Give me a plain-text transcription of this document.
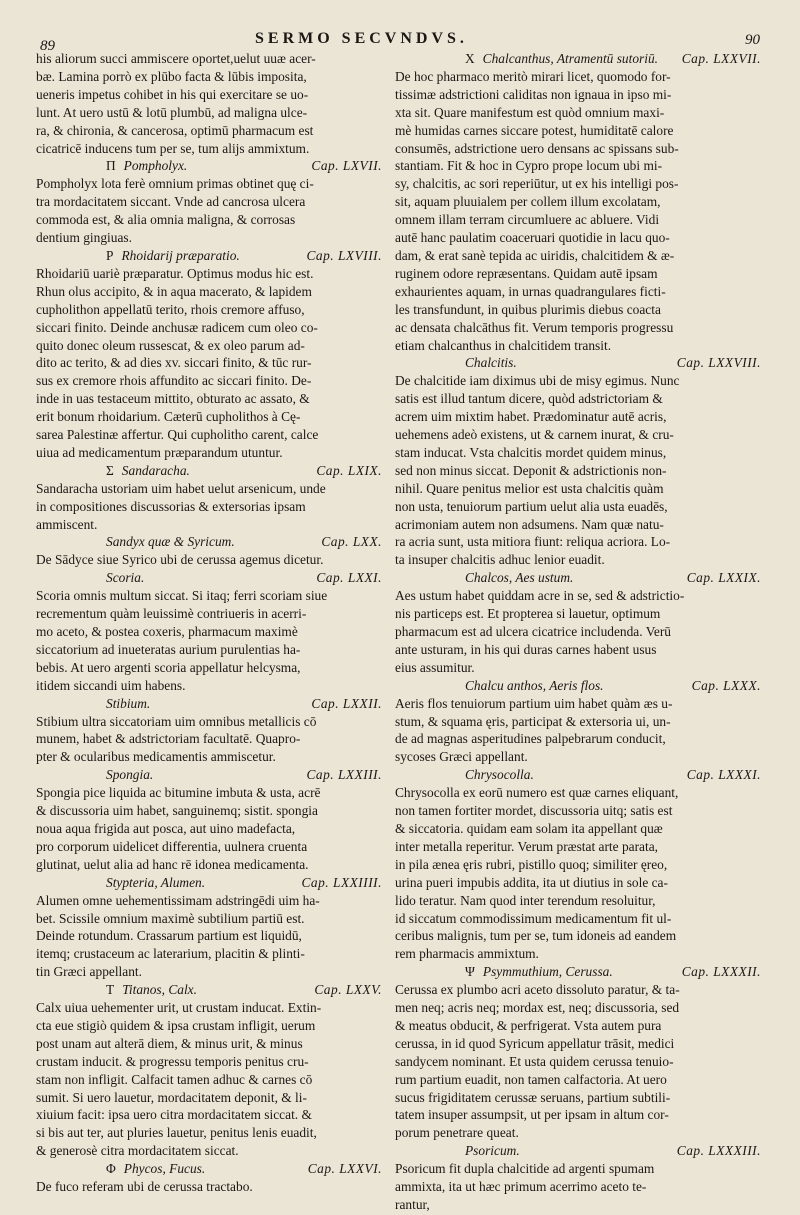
89	SERMO SECVNDVS.	90
his aliorum succi ammiscere oportet,uelut uuæ acer-
bæ. Lamina porrò ex plūbo facta & lūbis imposita,
ueneris impetus cohibet in his qui exercitare se uo-
lunt. At uero ustū & lotū plumbū, ad maligna ulce-
ra, & chironia, & cancerosa, optimū pharmacum est
cicatricē inducens tum per se, tum alijs ammixtum.
Π Pompholyx.	Cap. LXVII.
Pompholyx lota ferè omnium primas obtinet quę ci-
tra mordacitatem siccant. Vnde ad cancrosa ulcera
commoda est, & alia omnia maligna, & corrosas
dentium gingiuas.
P Rhoidarij præparatio.	Cap. LXVIII.
Rhoidariū uariè præparatur. Optimus modus hic est.
Rhun olus accipito, & in aqua macerato, & lapidem
cupholithon appellatū terito, rhois cremore affuso,
siccari finito. Deinde anchusæ radicem cum oleo co-
quito donec oleum russescat, & ex oleo parum ad-
dito ac terito, & ad dies xv. siccari finito, & tūc rur-
sus ex cremore rhois affundito ac siccari finito. De-
inde in uas testaceum mittito, obturato ac assato, &
erit bonum rhoidarium. Cæterū cupholithos à Cę-
sarea Palestinæ affertur. Qui cupholitho carent, calce
uiua ad medicamentum præparandum utuntur.
Σ Sandaracha.	Cap. LXIX.
Sandaracha ustoriam uim habet uelut arsenicum, unde
in compositiones discussorias & extersorias ipsam
ammiscent.
Sandyx quæ & Syricum.	Cap. LXX.
De Sādyce siue Syrico ubi de cerussa agemus dicetur.
Scoria.	Cap. LXXI.
Scoria omnis multum siccat. Si itaq; ferri scoriam siue
recrementum quàm leuissimè contriueris in acerri-
mo aceto, & postea coxeris, pharmacum maximè
siccatorium ad inueteratas aurium purulentias ha-
bebis. At uero argenti scoria appellatur helcysma,
itidem siccandi uim habens.
Stibium.	Cap. LXXII.
Stibium ultra siccatoriam uim omnibus metallicis cō
munem, habet & adstrictoriam facultatē. Quapro-
pter & ocularibus medicamentis ammiscetur.
Spongia.	Cap. LXXIII.
Spongia pice liquida ac bitumine imbuta & usta, acrē
& discussoria uim habet, sanguinemq; sistit. spongia
noua aqua frigida aut posca, aut uino madefacta,
pro corporum uidelicet differentia, uulnera cruenta
glutinat, uelut alia ad hanc rē idonea medicamenta.
Stypteria, Alumen.	Cap. LXXIIII.
Alumen omne uehementissimam adstringēdi uim ha-
bet. Scissile omnium maximè subtilium partiū est.
Deinde rotundum. Crassarum partium est liquidū,
itemq; crustaceum ac laterarium, placitin & plinti-
tin Græci appellant.
T Titanos, Calx.	Cap. LXXV.
Calx uiua uehementer urit, ut crustam inducat. Extin-
cta eue stigiò quidem & ipsa crustam infligit, uerum
post unam aut alterā diem, & minus urit, & minus
crustam inducit. & progressu temporis penitus cru-
stam non infligit. Calfacit tamen adhuc & carnes cō
sumit. Si uero lauetur, mordacitatem deponit, & li-
xiuium facit: ipsa uero citra mordacitatem siccat. &
si bis aut ter, aut pluries lauetur, penitus lenis euadit,
& generosè citra mordacitatem siccat.
Φ Phycos, Fucus.	Cap. LXXVI.
De fuco referam ubi de cerussa tractabo.
X Chalcanthus, Atramentū sutoriū. Cap. LXXVII.
De hoc pharmaco meritò mirari licet, quomodo for-
tissimæ adstrictioni caliditas non ignaua in ipso mi-
xta sit. Quare manifestum est quòd omnium maxi-
mè humidas carnes siccare potest, humiditatē calore
consumēs, adstrictione uero densans ac spissans sub-
stantiam. Fit & hoc in Cypro prope locum ubi mi-
sy, chalcitis, ac sori reperiūtur, ut ex his intelligi pos-
sit, aquam pluuialem per collem illum excolatam,
omnem illam terram circumluere ac abluere. Vidi
autē hanc paulatim coaceruari quotidie in lacu quo-
dam, & erat sanè tepida ac uiridis, chalcitidem & æ-
ruginem odore repræsentans. Quidam autē ipsam
exhaurientes aquam, in urnas quadrangulares ficti-
les transfundunt, in quibus plurimis diebus coacta
ac densata chalcāthus fit. Verum temporis progressu
etiam chalcanthus in chalcitidem transit.
Chalcitis.	Cap. LXXVIII.
De chalcitide iam diximus ubi de misy egimus. Nunc
satis est illud tantum dicere, quòd adstrictoriam &
acrem uim mixtim habet. Prædominatur autē acris,
uehemens adeò existens, ut & carnem inurat, & cru-
stam inducat. Vsta chalcitis mordet quidem minus,
sed non minus siccat. Deponit & adstrictionis non-
nihil. Quare penitus melior est usta chalcitis quàm
non usta, tenuiorum partium uelut alia usta euadēs,
acrimoniam autem non adsumens. Nam quæ natu-
ra acria sunt, usta mitiora fiunt: reliqua acriora. Lo-
ta insuper chalcitis adhuc lenior euadit.
Chalcos, Aes ustum.	Cap. LXXIX.
Aes ustum habet quiddam acre in se, sed & adstrictio-
nis particeps est. Et propterea si lauetur, optimum
pharmacum est ad ulcera cicatrice includenda. Verū
ante usturam, in his qui duras carnes habent usus
eius assumitur.
Chalcu anthos, Aeris flos.	Cap. LXXX.
Aeris flos tenuiorum partium uim habet quàm æs u-
stum, & squama ęris, participat & extersoria ui, un-
de ad magnas asperitudines palpebrarum conducit,
sycoses Græci appellant.
Chrysocolla.	Cap. LXXXI.
Chrysocolla ex eorū numero est quæ carnes eliquant,
non tamen fortiter mordet, discussoria uitq; satis est
& siccatoria. quidam eam solam ita appellant quæ
inter metalla reperitur. Verum præstat arte parata,
in pila ænea ęris rubri, pistillo quoq; similiter ęreo,
urina pueri impubis addita, ita ut diutius in sole ca-
lido teratur. Nam quod inter terendum resoluitur,
id siccatum commodissimum medicamentum fit ul-
ceribus malignis, tum per se, tum idoneis ad eandem
rem pharmacis ammixtum.
Ψ Psymmuthium, Cerussa.	Cap. LXXXII.
Cerussa ex plumbo acri aceto dissoluto paratur, & ta-
men neq; acris neq; mordax est, neq; discussoria, sed
& meatus obducit, & perfrigerat. Vsta autem pura
cerussa, in id quod Syricum appellatur trāsit, medici
sandycem nominant. Et usta quidem cerussa tenuio-
rum partium euadit, non tamen calfactoria. At uero
sucus frigiditatem cerussæ seruans, partium subtili-
tatem insuper assumpsit, ut per ipsam in altum cor-
porum penetrare queat.
Psoricum.	Cap. LXXXIII.
Psoricum fit dupla chalcitide ad argenti spumam
ammixta, ita ut hæc primum acerrimo aceto te-
rantur,
